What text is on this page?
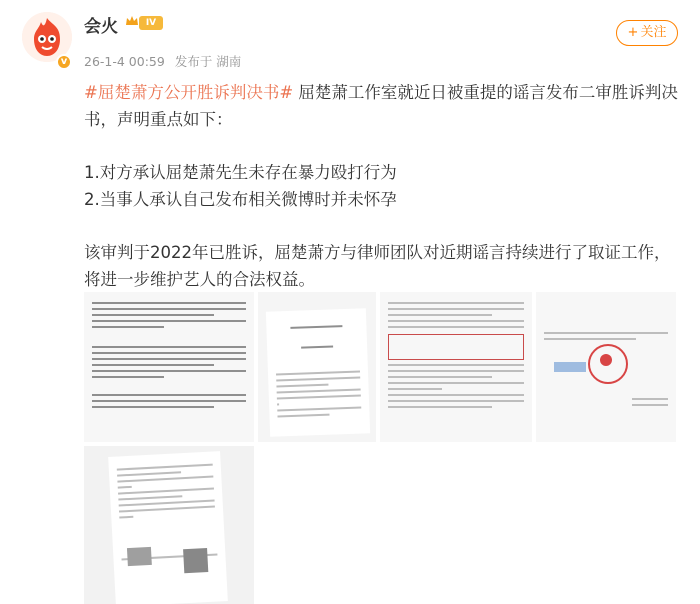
v
会火	IV
26-1-4 00:59 发布于 湖南
+ 关注

#屈楚萧方公开胜诉判决书# 屈楚萧工作室就近日被重提的谣言发布二审胜诉判决书，声明重点如下：

1.对方承认屈楚萧先生未存在暴力殴打行为

2.当事人承认自己发布相关微博时并未怀孕

该审判于2022年已胜诉，屈楚萧方与律师团队对近期谣言持续进行了取证工作，将进一步维护艺人的合法权益。
